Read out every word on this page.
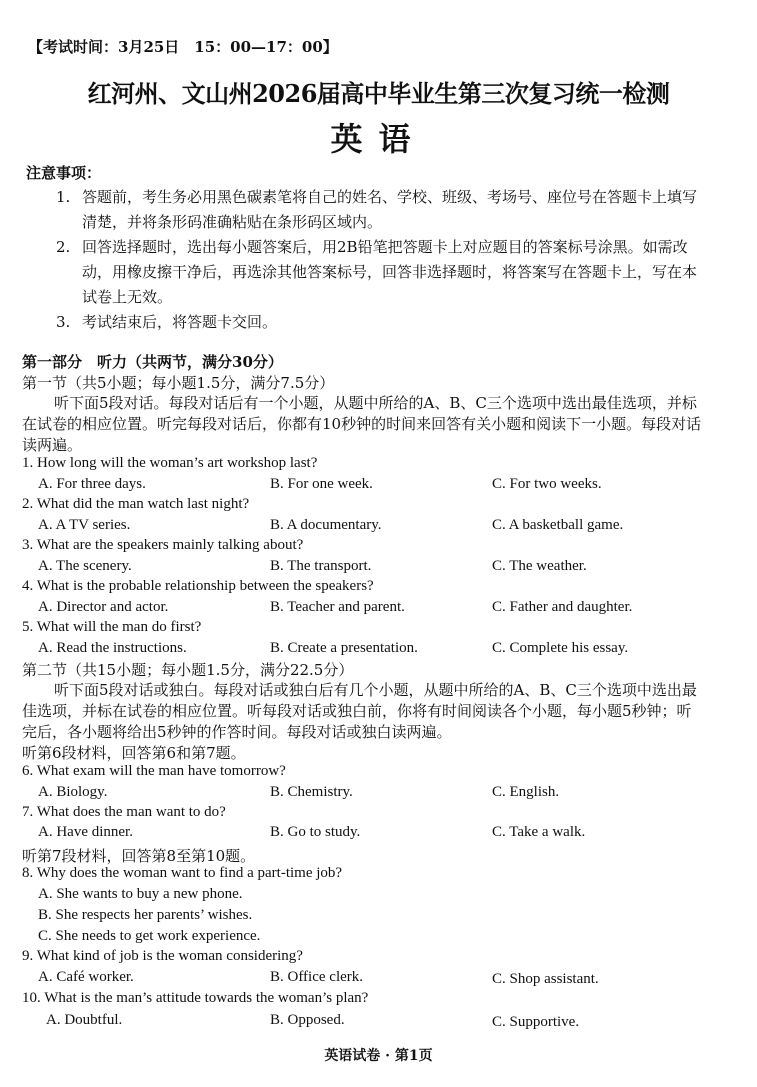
【考试时间：3月25日　15：00—17：00】
红河州、文山州2026届高中毕业生第三次复习统一检测
英语
注意事项：
1. 答题前，考生务必用黑色碳素笔将自己的姓名、学校、班级、考场号、座位号在答题卡上填写清楚，并将条形码准确粘贴在条形码区域内。
2. 回答选择题时，选出每小题答案后，用2B铅笔把答题卡上对应题目的答案标号涂黑。如需改动，用橡皮擦干净后，再选涂其他答案标号，回答非选择题时，将答案写在答题卡上，写在本试卷上无效。
3. 考试结束后，将答题卡交回。
第一部分　听力（共两节，满分30分）
第一节（共5小题；每小题1.5分，满分7.5分）
听下面5段对话。每段对话后有一个小题，从题中所给的A、B、C三个选项中选出最佳选项，并标在试卷的相应位置。听完每段对话后，你都有10秒钟的时间来回答有关小题和阅读下一小题。每段对话读两遍。
1. How long will the woman’s art workshop last?
A. For three days.	B. For one week.	C. For two weeks.
2. What did the man watch last night?
A. A TV series.	B. A documentary.	C. A basketball game.
3. What are the speakers mainly talking about?
A. The scenery.	B. The transport.	C. The weather.
4. What is the probable relationship between the speakers?
A. Director and actor.	B. Teacher and parent.	C. Father and daughter.
5. What will the man do first?
A. Read the instructions.	B. Create a presentation.	C. Complete his essay.
第二节（共15小题；每小题1.5分，满分22.5分）
听下面5段对话或独白。每段对话或独白后有几个小题，从题中所给的A、B、C三个选项中选出最佳选项，并标在试卷的相应位置。听每段对话或独白前，你将有时间阅读各个小题，每小题5秒钟；听完后，各小题将给出5秒钟的作答时间。每段对话或独白读两遍。
听第6段材料，回答第6和第7题。
6. What exam will the man have tomorrow?
A. Biology.	B. Chemistry.	C. English.
7. What does the man want to do?
A. Have dinner.	B. Go to study.	C. Take a walk.
听第7段材料，回答第8至第10题。
8. Why does the woman want to find a part-time job?
A. She wants to buy a new phone.
B. She respects her parents’ wishes.
C. She needs to get work experience.
9. What kind of job is the woman considering?
A. Café worker.	B. Office clerk.	C. Shop assistant.
10. What is the man’s attitude towards the woman’s plan?
A. Doubtful.	B. Opposed.	C. Supportive.
英语试卷 · 第1页
